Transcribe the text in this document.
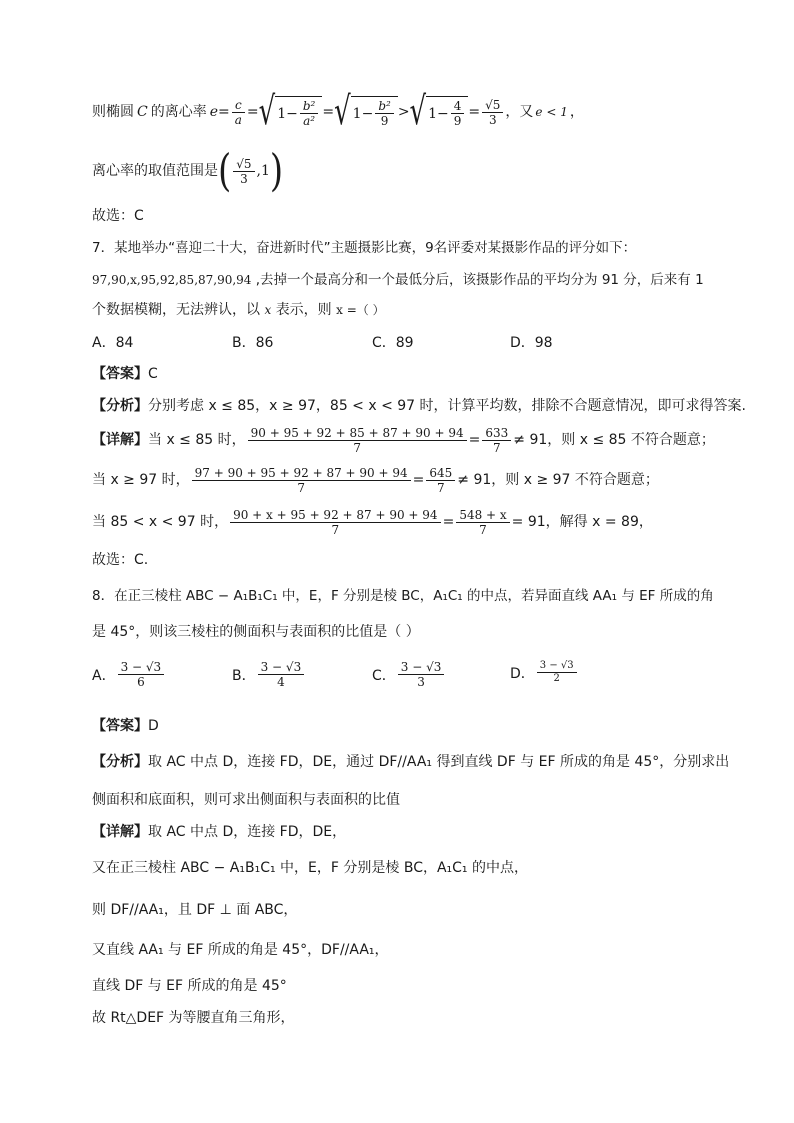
则椭圆 C 的离心率 $e = \frac{c}{a}$ = √ $1- \frac{\text{b²}}{\text{a²}}$ = √ $1- \frac{\text{b²}}{9}$ > √ $1- \frac{4}{9} = \frac{√5}{3}$ ，又 e < 1 ，
离心率的取值范围是 ( $\frac{√5}{3} ,1$ )
故选：C
7．某地举办“喜迎二十大，奋进新时代”主题摄影比赛，9名评委对某摄影作品的评分如下：
97,90,x,95,92,85,87,90,94 ,去掉一个最高分和一个最低分后，该摄影作品的平均分为 91 分，后来有 1
个数据模糊，无法辨认，以 x 表示，则 x =（ ）
A．84	B．86	C．89	D．98
【答案】C
【分析】分别考虑 x ≤ 85，x ≥ 97，85 < x < 97 时，计算平均数，排除不合题意情况，即可求得答案.
【详解】 当 x ≤ 85 时， $\frac{90 + 95 + 92 + 85 + 87 + 90 + 94}{7} = \frac{633}{7} \ne 91$，则 x ≤ 85 不符合题意；
当 x ≥ 97 时， $\frac{97 + 90 + 95 + 92 + 87 + 90 + 94}{7} = \frac{645}{7} \ne 91$，则 x ≥ 97 不符合题意；
当 85 < x < 97 时， $\frac{90 + x + 95 + 92 + 87 + 90 + 94}{7} = \frac{548 + x}{7} = 91$，解得 x = 89，
故选：C.
8．在正三棱柱 ABC − A₁B₁C₁ 中，E，F 分别是棱 BC，A₁C₁ 的中点，若异面直线 AA₁ 与 EF 所成的角
是 45°，则该三棱柱的侧面积与表面积的比值是（ ）
A． $\frac{3 - √3}{6}$	B． $\frac{3 - √3}{4}$	C． $\frac{3 - √3}{3}$	D． $\frac{3 - √3}{2}$
【答案】D
【分析】取 AC 中点 D，连接 FD，DE，通过 DF//AA₁ 得到直线 DF 与 EF 所成的角是 45°，分别求出
侧面积和底面积，则可求出侧面积与表面积的比值
【详解】取 AC 中点 D，连接 FD，DE，
又在正三棱柱 ABC − A₁B₁C₁ 中，E，F 分别是棱 BC，A₁C₁ 的中点，
则 DF//AA₁，且 DF ⊥ 面 ABC，
又直线 AA₁ 与 EF 所成的角是 45°，DF//AA₁，
直线 DF 与 EF 所成的角是 45°
故 Rt△DEF 为等腰直角三角形，
